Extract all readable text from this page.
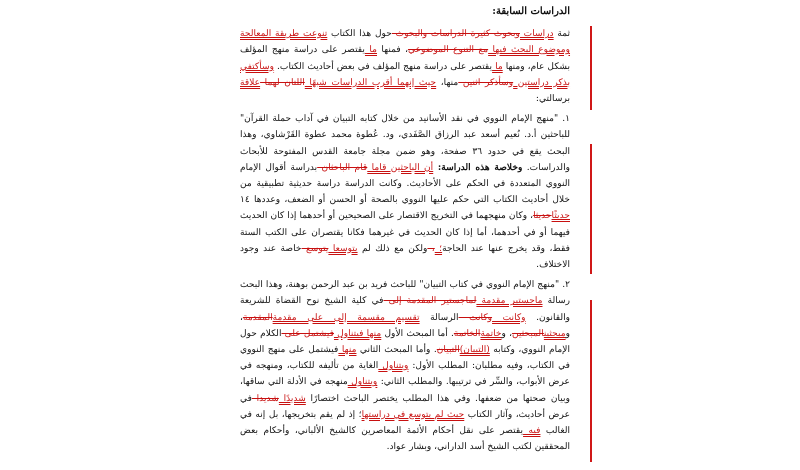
الدراسات السابقة:

ثمة دراسات وبحوث كثيرة الدراسات والبحوث حول هذا الكتاب تنوعت طريقة المعالجة وموضوع البحث فيها مع التنوع الموضوعي، فمنها ما يقتصر على دراسة منهج المؤلف بشكل عام، ومنها ما يقتصر على دراسة منهج المؤلف في بعض أحاديث الكتاب. وسأكتفي بذكر دراستين وسأذكر اثنين منها، حيث إنهما أقرب الدراسات شبهًا اللتان لهما علاقة برسالتي:

١. "منهج الإمام النووي في نقد الأسانيد من خلال كتابه التبيان في آداب حملة القرآن" للباحثين أ.د. نُعيم أسعد عبد الرزاق الصَّفَدي، ود. عُطوة محمد عطوة القَرْشاوي، وهذا البحث يقع في حدود ٣٦ صفحة، وهو ضمن مجلة جامعة القدس المفتوحة للأبحاث والدراسات. وخلاصة هذه الدراسة: أن الباحثين قاما قام الباحثان بدراسة أقوال الإمام النووي المتعددة في الحكم على الأحاديث. وكانت الدراسة دراسة حديثية تطبيقية من خلال أحاديث الكتاب التي حكم عليها النووي بالصحة أو الحسن أو الضعف، وعددها ١٤ حديثًاحديثا، وكان منهجهما في التخريج الاقتصار على الصحيحين أو أحدهما إذا كان الحديث فيهما أو في أحدهما، أما إذا كان الحديث في غيرهما فكانا يقتصران على الكتب الستة فقط، وقد يخرج عنها عند الحاجة؛ ، ولكن مع ذلك لم يتوسعا يتوسع خاصة عند وجود الاختلاف.

٢. "منهج الإمام النووي في كتاب التبيان" للباحث فريد بن عبد الرحمن بوهنة، وهذا البحث رسالة ماجستير مقدمة لماجستير المقدمة إلى في كلية الشيخ نوح القضاة للشريعة والقانون. وكانت وكانت الرسالة تقسيم مقسمة إلى على مقدمةالمقدمة، ومبحثينالمبحثين، وخاتمةالخاتمة. أما المبحث الأول منها فيتناول فيشتمل على الكلام حول الإمام النووي، وكتابه (التبيان)التبيان. وأما المبحث الثاني منها فيشتمل على منهج النووي في الكتاب، وفيه مطلبان: المطلب الأول: ويتناول الغاية من تأليفه للكتاب، ومنهجه في عرض الأبواب، والسِّر في ترتيبها. والمطلب الثاني: ويتناول منهجه في الأدلة التي ساقها، وبيان صحتها من ضعفها. وفي هذا المطلب يختصر الباحث اختصارًا شديدًا شديدا في عرض أحاديث، وآثار الكتاب حيث لم يتوسع في دراستها؛ إذ لم يقم بتخريجها، بل إنه في الغالب فيه يقتصر على نقل أحكام الأئمة المعاصرين كالشيخ الألباني، وأحكام بعض المحققين لكتب الشيخ أسد الداراني، وبشار عواد.
